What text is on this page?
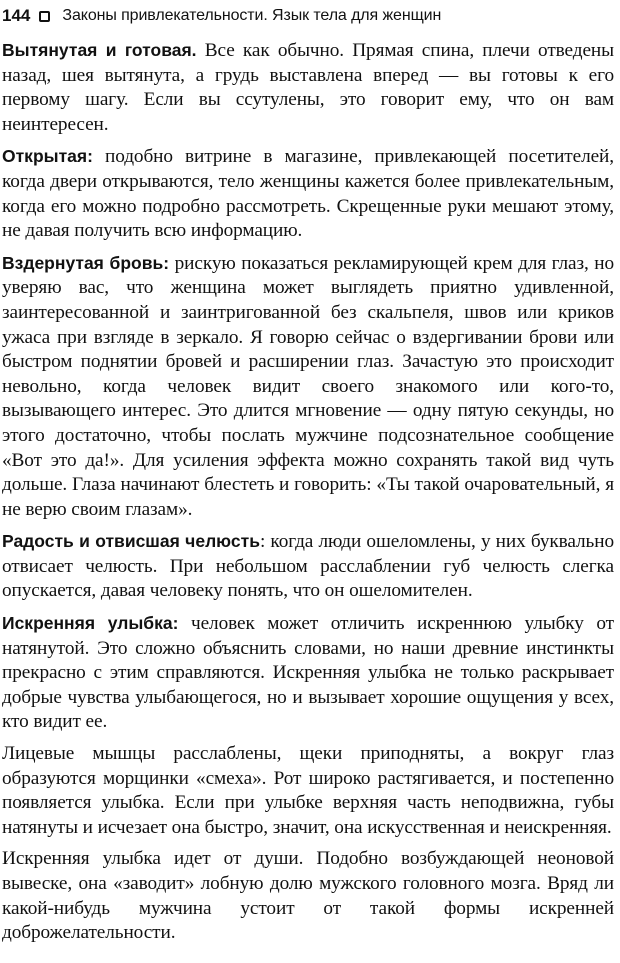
144 Законы привлекательности. Язык тела для женщин

Вытянутая и готовая. Все как обычно. Прямая спина, плечи отведены назад, шея вытянута, а грудь выставлена вперед — вы готовы к его первому шагу. Если вы ссутулены, это говорит ему, что он вам неинтересен.

Открытая: подобно витрине в магазине, привлекающей посетителей, когда двери открываются, тело женщины кажется более привлекательным, когда его можно подробно рассмотреть. Скрещенные руки мешают этому, не давая получить всю информацию.

Вздернутая бровь: рискую показаться рекламирующей крем для глаз, но уверяю вас, что женщина может выглядеть приятно удивленной, заинтересованной и заинтригованной без скальпеля, швов или криков ужаса при взгляде в зеркало. Я говорю сейчас о вздергивании брови или быстром поднятии бровей и расширении глаз. Зачастую это происходит невольно, когда человек видит своего знакомого или кого-то, вызывающего интерес. Это длится мгновение — одну пятую секунды, но этого достаточно, чтобы послать мужчине подсознательное сообщение «Вот это да!». Для усиления эффекта можно сохранять такой вид чуть дольше. Глаза начинают блестеть и говорить: «Ты такой очаровательный, я не верю своим глазам».

Радость и отвисшая челюсть: когда люди ошеломлены, у них буквально отвисает челюсть. При небольшом расслаблении губ челюсть слегка опускается, давая человеку понять, что он ошеломителен.

Искренняя улыбка: человек может отличить искреннюю улыбку от натянутой. Это сложно объяснить словами, но наши древние инстинкты прекрасно с этим справляются. Искренняя улыбка не только раскрывает добрые чувства улыбающегося, но и вызывает хорошие ощущения у всех, кто видит ее.

Лицевые мышцы расслаблены, щеки приподняты, а вокруг глаз образуются морщинки «смеха». Рот широко растягивается, и постепенно появляется улыбка. Если при улыбке верхняя часть неподвижна, губы натянуты и исчезает она быстро, значит, она искусственная и неискренняя.

Искренняя улыбка идет от души. Подобно возбуждающей неоновой вывеске, она «заводит» лобную долю мужского головного мозга. Вряд ли какой-нибудь мужчина устоит от такой формы искренней доброжелательности.
